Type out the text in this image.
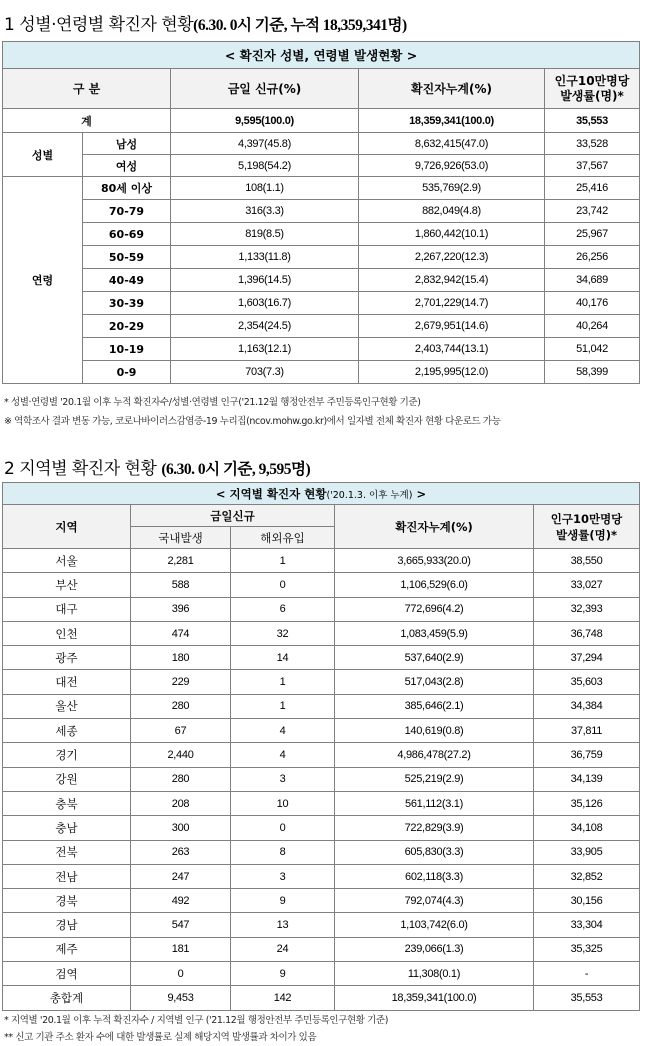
1 성별·연령별 확진자 현황(6.30. 0시 기준, 누적 18,359,341명)
< 확진자 성별, 연령별 발생현황 >				
구 분		금일 신규(%)	확진자누계(%)	인구10만명당
발생률(명)*

계		9,595(100.0)	18,359,341(100.0)	35,553
성별	남성	4,397(45.8)	8,632,415(47.0)	33,528
	여성	5,198(54.2)	9,726,926(53.0)	37,567
연령	80세 이상	108(1.1)	535,769(2.9)	25,416
	70-79	316(3.3)	882,049(4.8)	23,742
	60-69	819(8.5)	1,860,442(10.1)	25,967
	50-59	1,133(11.8)	2,267,220(12.3)	26,256
	40-49	1,396(14.5)	2,832,942(15.4)	34,689
	30-39	1,603(16.7)	2,701,229(14.7)	40,176
	20-29	2,354(24.5)	2,679,951(14.6)	40,264
	10-19	1,163(12.1)	2,403,744(13.1)	51,042
	0-9	703(7.3)	2,195,995(12.0)	58,399
* 성별·연령별 '20.1월 이후 누적 확진자수/성별·연령별 인구('21.12월 행정안전부 주민등록인구현황 기준)
※ 역학조사 결과 변동 가능, 코로나바이러스감염증-19 누리집(ncov.mohw.go.kr)에서 일자별 전체 확진자 현황 다운로드 가능
2 지역별 확진자 현황 (6.30. 0시 기준, 9,595명)
< 지역별 확진자 현황('20.1.3. 이후 누계) >				
지역	금일신규		확진자누계(%)	인구10만명당
발생률(명)*

	국내발생	해외유입		
서울	2,281	1	3,665,933(20.0)	38,550
부산	588	0	1,106,529(6.0)	33,027
대구	396	6	772,696(4.2)	32,393
인천	474	32	1,083,459(5.9)	36,748
광주	180	14	537,640(2.9)	37,294
대전	229	1	517,043(2.8)	35,603
울산	280	1	385,646(2.1)	34,384
세종	67	4	140,619(0.8)	37,811
경기	2,440	4	4,986,478(27.2)	36,759
강원	280	3	525,219(2.9)	34,139
충북	208	10	561,112(3.1)	35,126
충남	300	0	722,829(3.9)	34,108
전북	263	8	605,830(3.3)	33,905
전남	247	3	602,118(3.3)	32,852
경북	492	9	792,074(4.3)	30,156
경남	547	13	1,103,742(6.0)	33,304
제주	181	24	239,066(1.3)	35,325
검역	0	9	11,308(0.1)	-
총합계	9,453	142	18,359,341(100.0)	35,553
* 지역별 '20.1월 이후 누적 확진자수 / 지역별 인구 ('21.12월 행정안전부 주민등록인구현황 기준)
** 신고 기관 주소 환자 수에 대한 발생률로 실제 해당지역 발생률과 차이가 있음
